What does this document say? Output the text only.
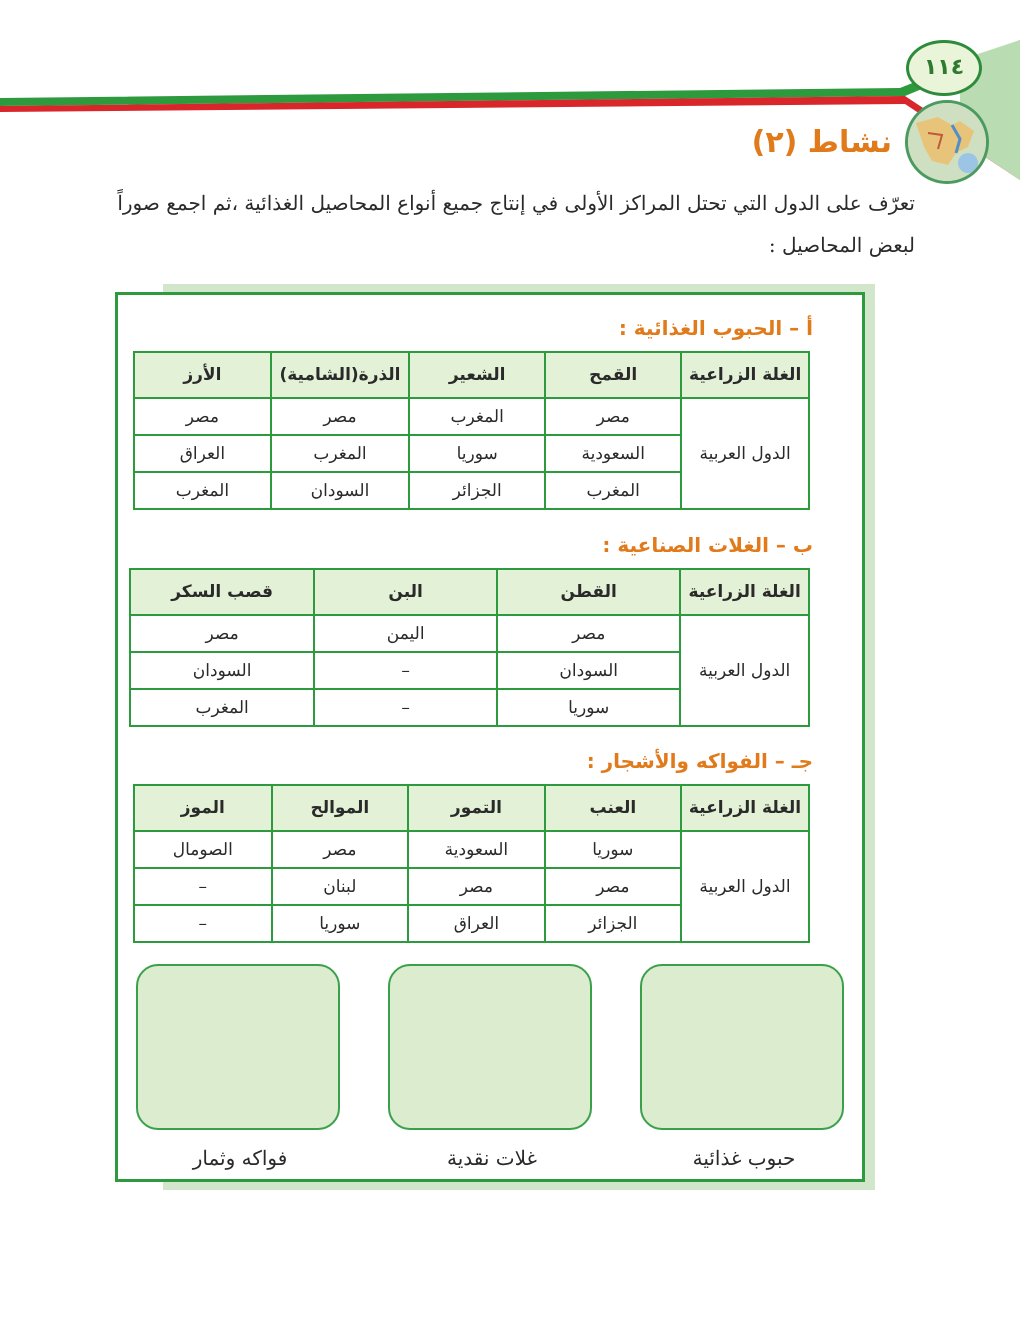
١١٤
نشاط (٢)
تعرّف على الدول التي تحتل المراكز الأولى في إنتاج جميع أنواع المحاصيل الغذائية ،ثم اجمع صوراً
لبعض المحاصيل :
أ – الحبوب الغذائية :
الغلة الزراعية	القمح	الشعير	الذرة(الشامية)	الأرز
الدول العربية	مصر	المغرب	مصر	مصر
	السعودية	سوريا	المغرب	العراق
	المغرب	الجزائر	السودان	المغرب
ب – الغلات الصناعية :
الغلة الزراعية	القطن	البن	قصب السكر
الدول العربية	مصر	اليمن	مصر
	السودان	–	السودان
	سوريا	–	المغرب
جـ – الفواكه والأشجار :
الغلة الزراعية	العنب	التمور	الموالح	الموز
الدول العربية	سوريا	السعودية	مصر	الصومال
	مصر	مصر	لبنان	–
	الجزائر	العراق	سوريا	–
حبوب غذائية
غلات نقدية
فواكه وثمار
